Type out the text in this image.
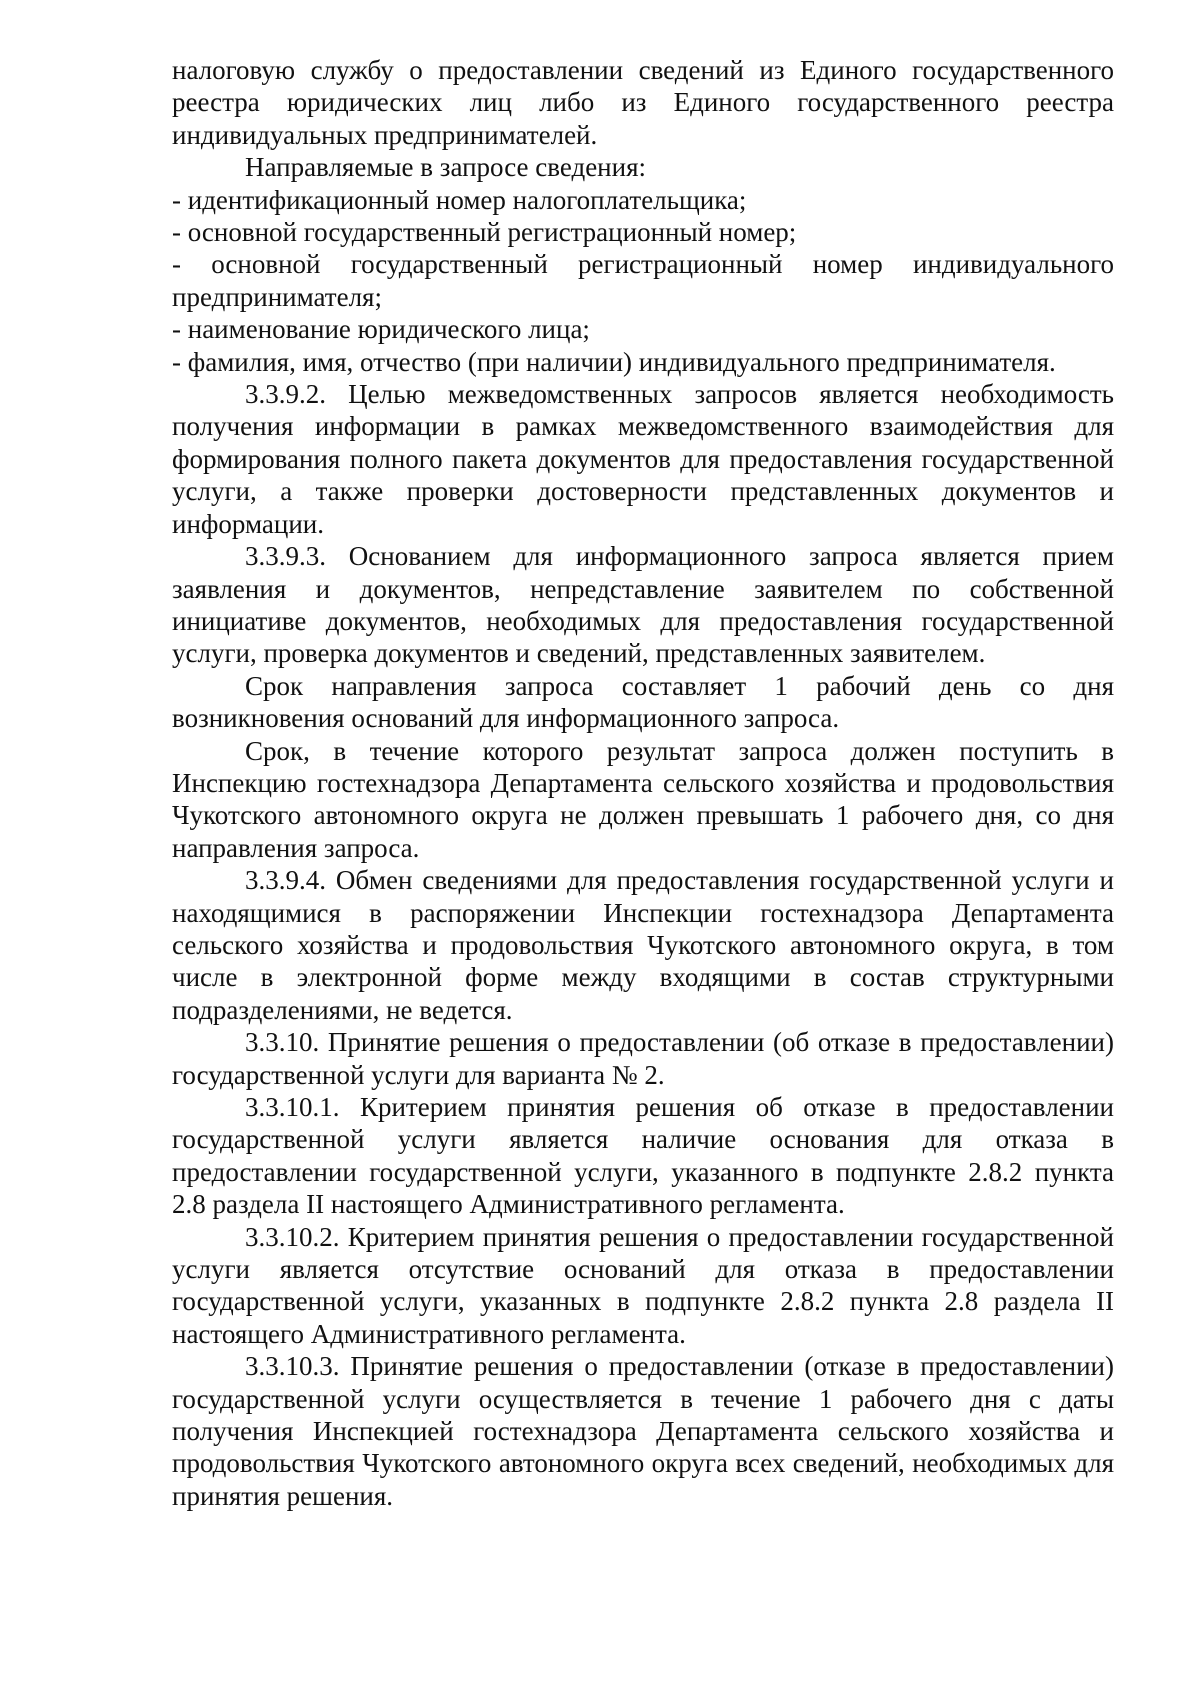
налоговую службу о предоставлении сведений из Единого государственного реестра юридических лиц либо из Единого государственного реестра индивидуальных предпринимателей.

Направляемые в запросе сведения:

- идентификационный номер налогоплательщика;

- основной государственный регистрационный номер;

- основной государственный регистрационный номер индивидуального предпринимателя;

- наименование юридического лица;

- фамилия, имя, отчество (при наличии) индивидуального предпринимателя.

3.3.9.2. Целью межведомственных запросов является необходимость получения информации в рамках межведомственного взаимодействия для формирования полного пакета документов для предоставления государственной услуги, а также проверки достоверности представленных документов и информации.

3.3.9.3. Основанием для информационного запроса является прием заявления и документов, непредставление заявителем по собственной инициативе документов, необходимых для предоставления государственной услуги, проверка документов и сведений, представленных заявителем.

Срок направления запроса составляет 1 рабочий день со дня возникновения оснований для информационного запроса.

Срок, в течение которого результат запроса должен поступить в Инспекцию гостехнадзора Департамента сельского хозяйства и продовольствия Чукотского автономного округа не должен превышать 1 рабочего дня, со дня направления запроса.

3.3.9.4. Обмен сведениями для предоставления государственной услуги и находящимися в распоряжении Инспекции гостехнадзора Департамента сельского хозяйства и продовольствия Чукотского автономного округа, в том числе в электронной форме между входящими в состав структурными подразделениями, не ведется.

3.3.10. Принятие решения о предоставлении (об отказе в предоставлении) государственной услуги для варианта № 2.

3.3.10.1. Критерием принятия решения об отказе в предоставлении государственной услуги является наличие основания для отказа в предоставлении государственной услуги, указанного в подпункте 2.8.2 пункта 2.8 раздела II настоящего Административного регламента.

3.3.10.2. Критерием принятия решения о предоставлении государственной услуги является отсутствие оснований для отказа в предоставлении государственной услуги, указанных в подпункте 2.8.2 пункта 2.8 раздела II настоящего Административного регламента.

3.3.10.3. Принятие решения о предоставлении (отказе в предоставлении) государственной услуги осуществляется в течение 1 рабочего дня с даты получения Инспекцией гостехнадзора Департамента сельского хозяйства и продовольствия Чукотского автономного округа всех сведений, необходимых для принятия решения.
